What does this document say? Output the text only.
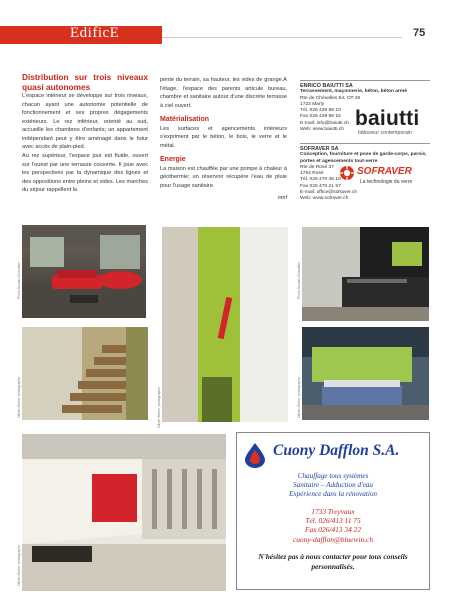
EdificE	75
Distribution sur trois niveaux quasi autonomes

L'espace intérieur se développe sur trois niveaux, chacun ayant une autonomie potentielle de fonctionnement et ses propres dégagements extérieurs. Le rez inférieur, orienté au sud, accueille les chambres d'enfants; un appartement indépendant peut y être aménagé dans le futur avec accès de plain-pied.

Au rez supérieur, l'espace jour est fluide, ouvert sur l'ouest par une terrasse couverte. Il joue avec les perspectives par la dynamique des lignes et des oppositions entre pleins et vides. Les marches du séjour rappellent la

pente du terrain, sa hauteur, les vides de grange.A l'étage, l'espace des parents articule bureau, chambre et sanitaire autour d'une discrète terrasse à ciel ouvert.

Matérialisation

Les surfaces et agencements intérieurs s'expriment par le béton, le bois, le verre et le métal.

Energie

La maison est chauffée par une pompe à chaleur à géothermie; un réservoir récupère l'eau de pluie pour l'usage sanitaire.

nmf
ENRICO BAIUTTI SA
Terrassement, maçonnerie, béton, béton armé
Rte de Chésalles 54, CP 26
1723 Marly
Tél. 026 439 98 10
Fax 026 439 98 15
E-mail: info@baiutti.ch
Web: www.baiutti.ch baiutti
bâtisseur contemporain
SOFRAVER SA
Conception, fourniture et pose de garde-corps, parois, portes et agencements tout-verre
Rte de Rosé 37
1754 Rosé
Tél. 026 470 45 10
Fax 026 470 21 57
E-mail: office@sofraver.ch
Web: www.sofraver.ch
SOFRAVER
La technologie du verre
Photo Nicolas Chevallier
Olivier Morier, photographe	Olivier Morier, photographe
Photo Nicolas Chevallier
Olivier Morier, photographe
Olivier Morier, photographe
Cuony Dafflon S.A.
Chauffage tous systèmes
Sanitaire – Adduction d'eau
Expérience dans la rénovation
1733 Treyvaux
Tél. 026/413 11 75
Fax 026/413 34 22
cuony-dafflon@bluewin.ch
N'hésitez pas à nous contacter pour tous conseils personnalisés.
